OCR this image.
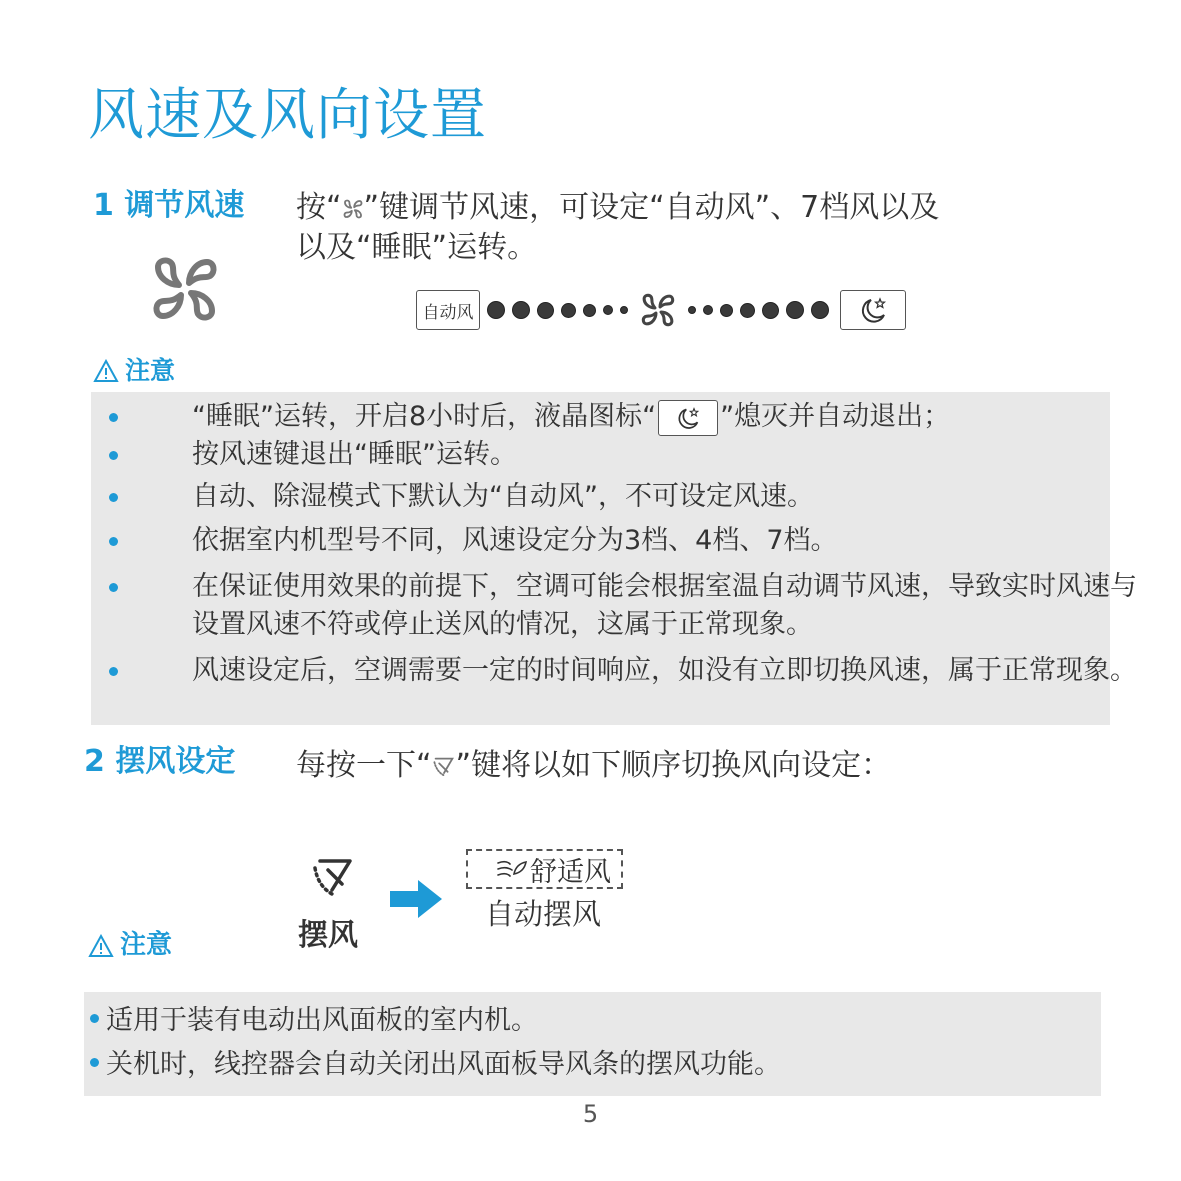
风速及风向设置
1 调节风速 按“ ”键调节风速，可设定“自动风”、7档风以及
以及“睡眠”运转。
自动风
注意
“睡眠”运转，开启8小时后，液晶图标“ ”熄灭并自动退出；
按风速键退出“睡眠”运转。
自动、除湿模式下默认为“自动风”，不可设定风速。
依据室内机型号不同，风速设定分为3档、4档、7档。
在保证使用效果的前提下，空调可能会根据室温自动调节风速，导致实时风速与设置风速不符或停止送风的情况，这属于正常现象。
风速设定后，空调需要一定的时间响应，如没有立即切换风速，属于正常现象。
2 摆风设定 每按一下“ ”键将以如下顺序切换风向设定：
摆风
舒适风
自动摆风
注意
适用于装有电动出风面板的室内机。
关机时，线控器会自动关闭出风面板导风条的摆风功能。
5
